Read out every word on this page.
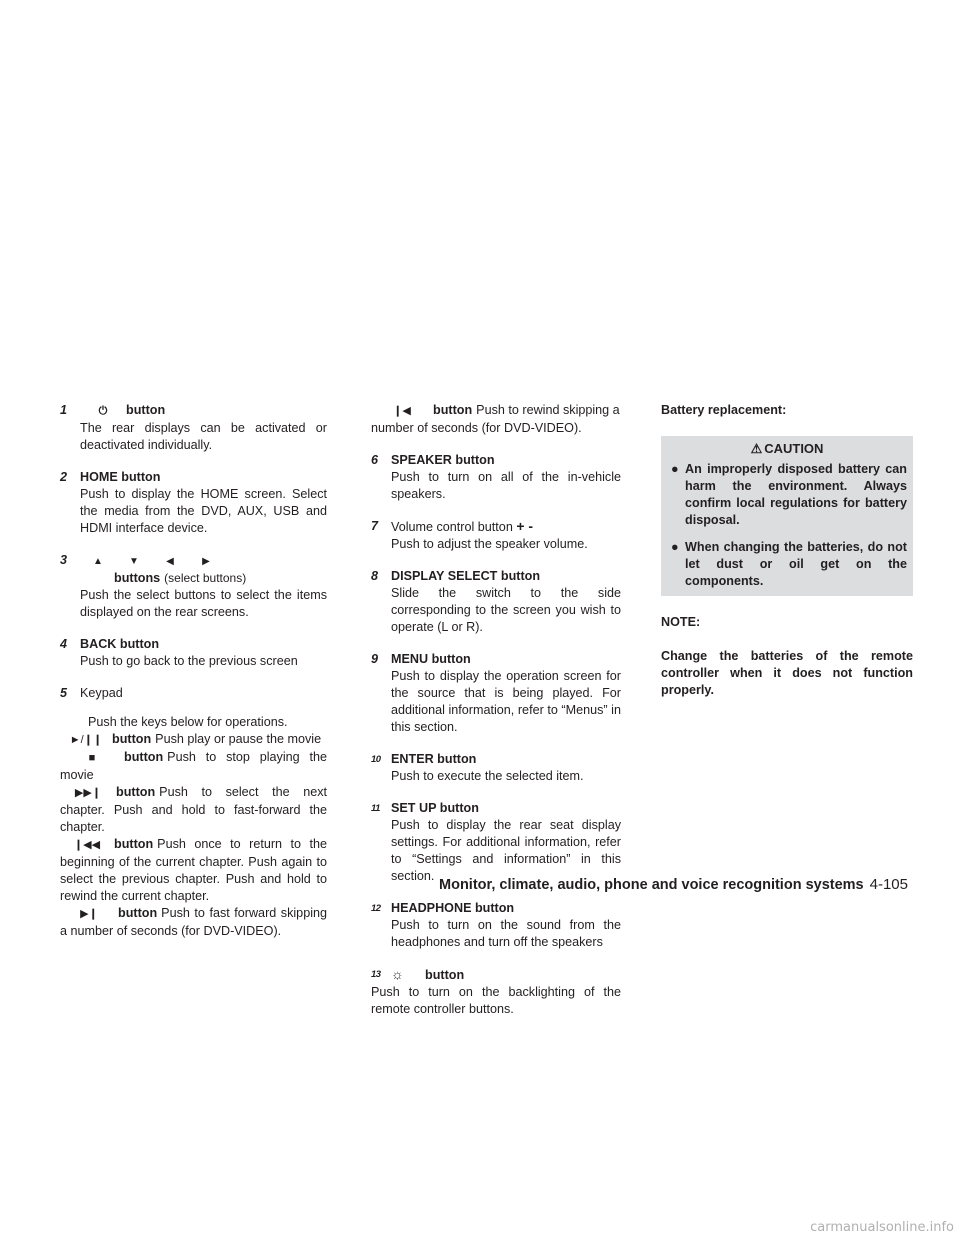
1	⏻ button
The rear displays can be activated or deactivated individually.
2 HOME button
Push to display the HOME screen. Select the media from the DVD, AUX, USB and HDMI interface device.
3	▲	▼	◀	▶ buttons (select buttons)
Push the select buttons to select the items displayed on the rear screens.
4 BACK button
Push to go back to the previous screen
5 Keypad
Push the keys below for operations.
►/❙❙ button Push play or pause the movie
■ button Push to stop playing the movie
▶▶❙ button Push to select the next chapter. Push and hold to fast-forward the chapter.
❙◀◀ button Push once to return to the beginning of the current chapter. Push again to select the previous chapter. Push and hold to rewind the current chapter.
▶❙ button Push to fast forward skipping a number of seconds (for DVD-VIDEO).
❙◀ button Push to rewind skipping a number of seconds (for DVD-VIDEO).
6 SPEAKER button
Push to turn on all of the in-vehicle speakers.
7 Volume control button + -
Push to adjust the speaker volume.
8 DISPLAY SELECT button
Slide the switch to the side corresponding to the screen you wish to operate (L or R).
9 MENU button
Push to display the operation screen for the source that is being played. For additional information, refer to “Menus” in this section.
10 ENTER button
Push to execute the selected item.
11 SET UP button
Push to display the rear seat display settings. For additional information, refer to “Settings and information” in this section.
12 HEADPHONE button
Push to turn on the sound from the headphones and turn off the speakers
13 ☼ button
Push to turn on the backlighting of the remote controller buttons.
Battery replacement:
⚠ CAUTION
● An improperly disposed battery can harm the environment. Always confirm local regulations for battery disposal.
● When changing the batteries, do not let dust or oil get on the components.
NOTE:
Change the batteries of the remote controller when it does not function properly.
Monitor, climate, audio, phone and voice recognition systems 4-105
carmanualsonline.info
